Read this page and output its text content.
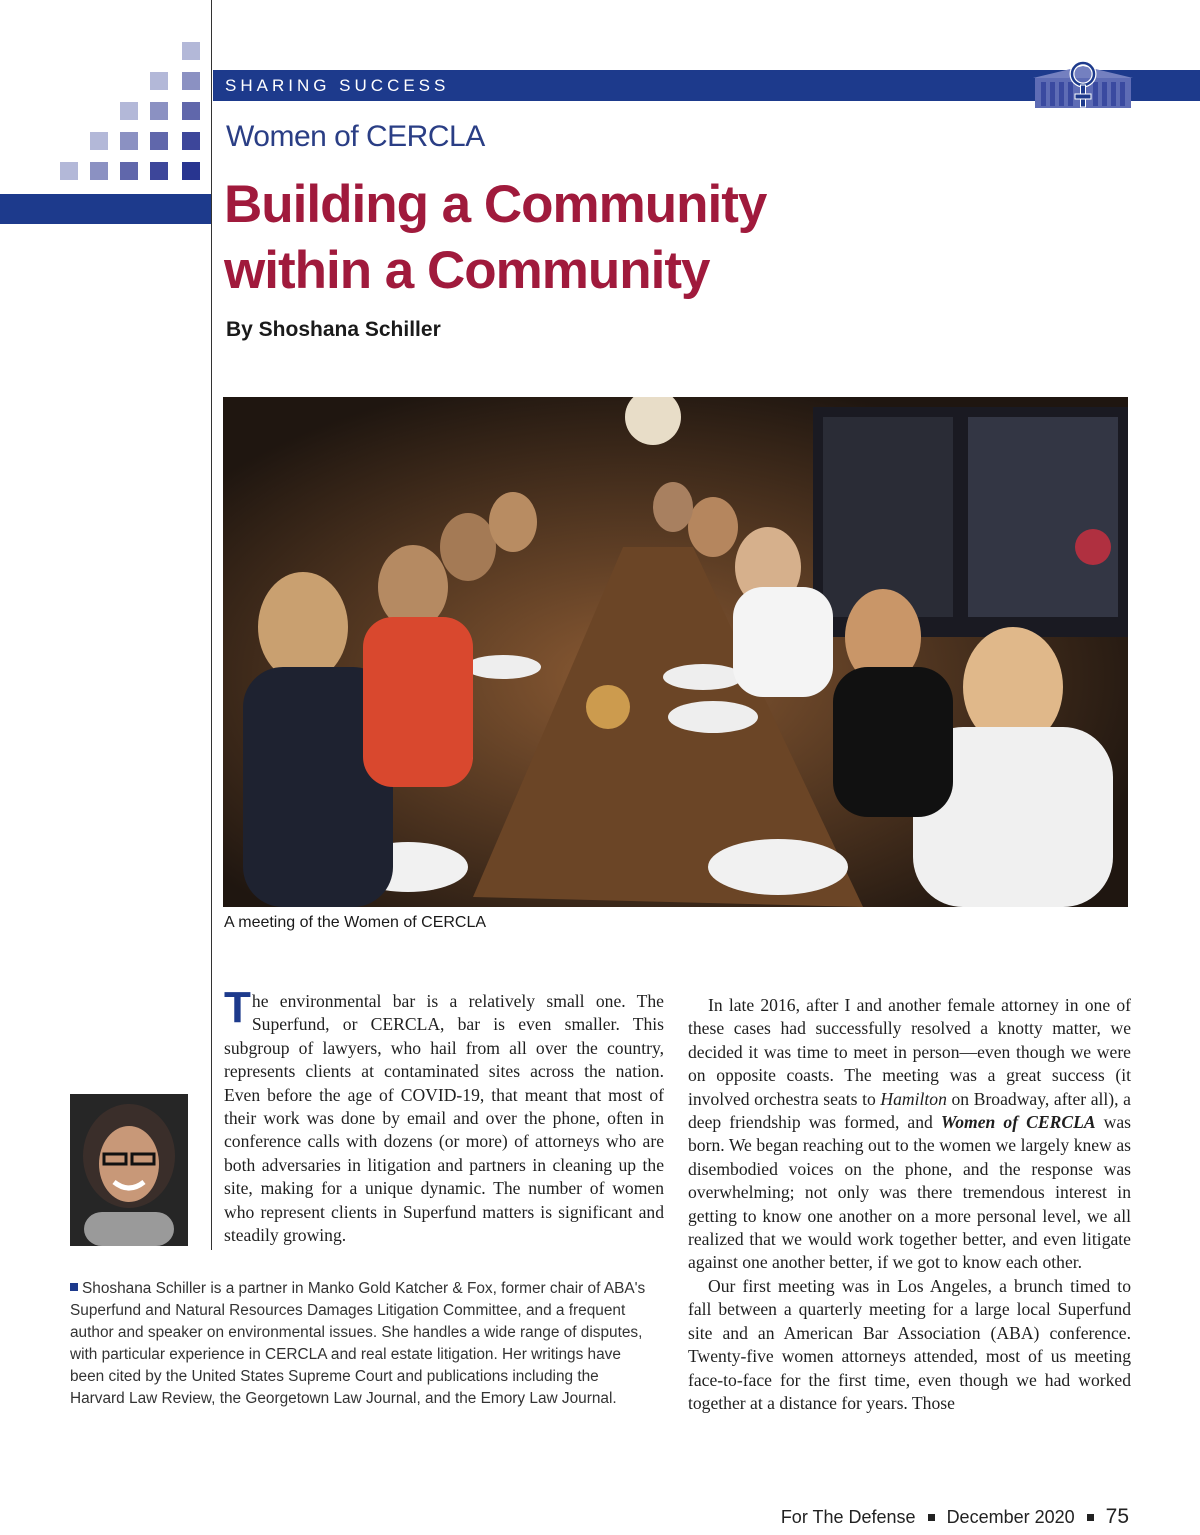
SHARING SUCCESS
Women of CERCLA
Building a Community
within a Community
By Shoshana Schiller
A meeting of the Women of CERCLA

The environmental bar is a relatively small one. The Superfund, or CERCLA, bar is even smaller. This subgroup of lawyers, who hail from all over the country, represents clients at contaminated sites across the nation. Even before the age of COVID-19, that meant that most of their work was done by email and over the phone, often in conference calls with dozens (or more) of attorneys who are both adversaries in litigation and partners in cleaning up the site, making for a unique dynamic. The number of women who represent clients in Superfund matters is significant and steadily growing.

In late 2016, after I and another female attorney in one of these cases had successfully resolved a knotty matter, we decided it was time to meet in person—even though we were on opposite coasts. The meeting was a great success (it involved orchestra seats to Hamilton on Broadway, after all), a deep friendship was formed, and Women of CERCLA was born. We began reaching out to the women we largely knew as disembodied voices on the phone, and the response was overwhelming; not only was there tremendous interest in getting to know one another on a more personal level, we all realized that we would work together better, and even litigate against one another better, if we got to know each other.

Our first meeting was in Los Angeles, a brunch timed to fall between a quarterly meeting for a large local Superfund site and an American Bar Association (ABA) conference. Twenty-five women attorneys attended, most of us meeting face-to-face for the first time, even though we had worked together at a distance for years. Those

Shoshana Schiller is a partner in Manko Gold Katcher & Fox, former chair of ABA's Superfund and Natural Resources Damages Litigation Committee, and a frequent author and speaker on environmental issues. She handles a wide range of disputes, with particular experience in CERCLA and real estate litigation. Her writings have been cited by the United States Supreme Court and publications including the Harvard Law Review, the Georgetown Law Journal, and the Emory Law Journal.
For The Defense December 2020 75
